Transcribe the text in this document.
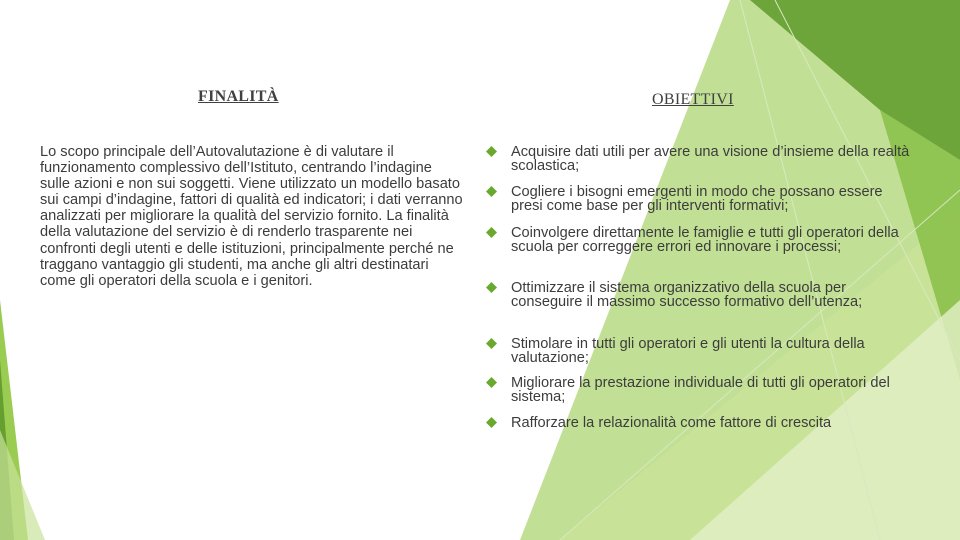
FINALITÀ	OBIETTIVI
Lo scopo principale dell’Autovalutazione è di valutare il funzionamento complessivo dell’Istituto, centrando l’indagine sulle azioni e non sui soggetti. Viene utilizzato un modello basato sui campi d’indagine, fattori di qualità ed indicatori; i dati verranno analizzati per migliorare la qualità del servizio fornito. La finalità della valutazione del servizio è di renderlo trasparente nei confronti degli utenti e delle istituzioni, principalmente perché ne traggano vantaggio gli studenti, ma anche gli altri destinatari come gli operatori della scuola e i genitori.
Acquisire dati utili per avere una visione d’insieme della realtà scolastica;
Cogliere i bisogni emergenti in modo che possano essere presi come base per gli interventi formativi;
Coinvolgere direttamente le famiglie e tutti gli operatori della scuola per correggere errori ed innovare i processi;
Ottimizzare il sistema organizzativo della scuola per conseguire il massimo successo formativo dell’utenza;
Stimolare in tutti gli operatori e gli utenti la cultura della valutazione;
Migliorare la prestazione individuale di tutti gli operatori del sistema;
Rafforzare la relazionalità come fattore di crescita
